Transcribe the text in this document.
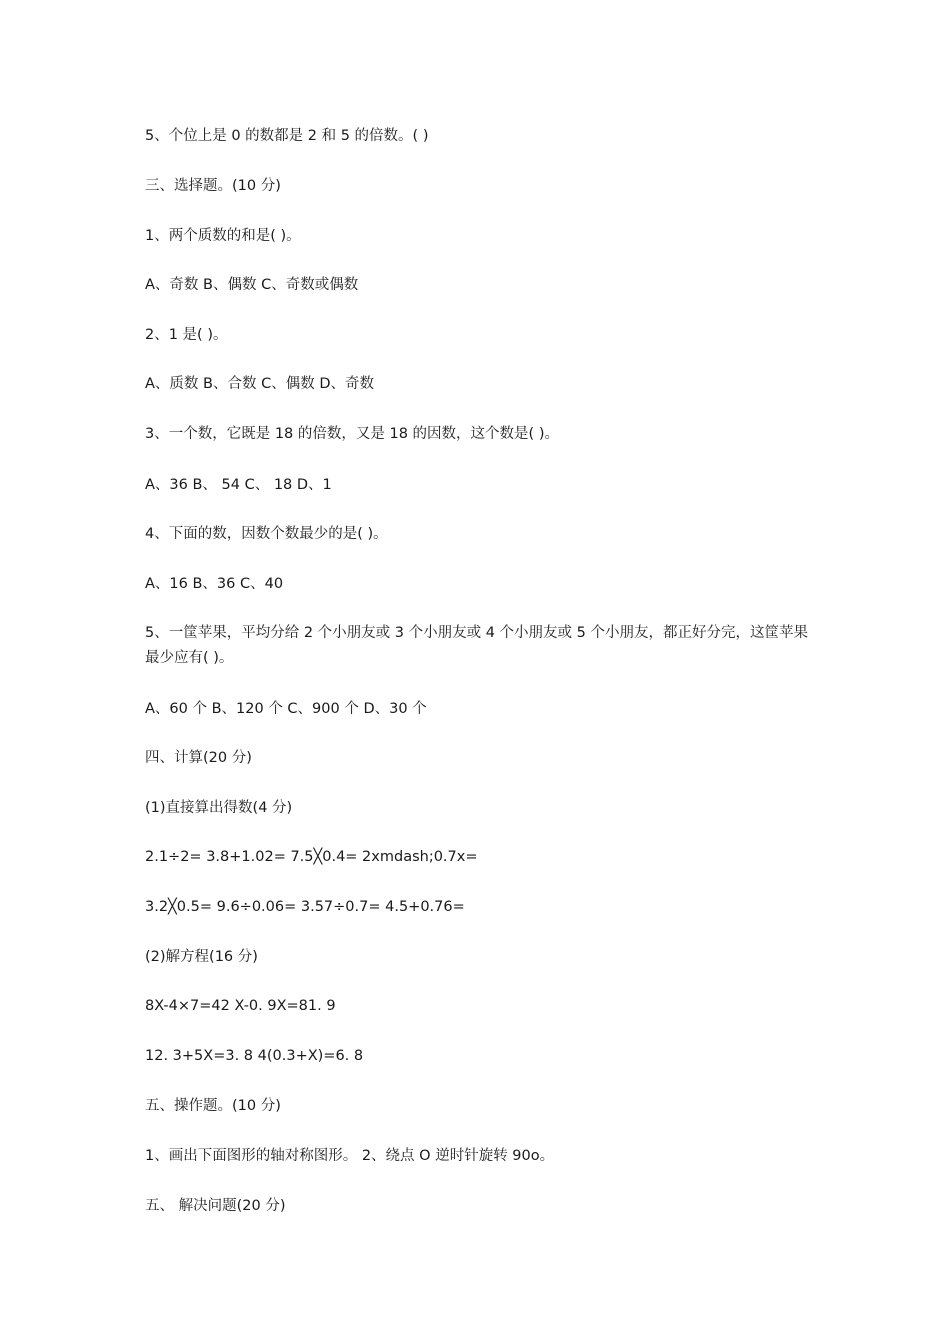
5、个位上是 0 的数都是 2 和 5 的倍数。( )

三、选择题。(10 分)

1、两个质数的和是( )。

A、奇数 B、偶数 C、奇数或偶数

2、1 是( )。

A、质数 B、合数 C、偶数 D、奇数

3、一个数，它既是 18 的倍数，又是 18 的因数，这个数是( )。

A、36 B、 54 C、 18 D、1

4、下面的数，因数个数最少的是( )。

A、16 B、36 C、40

5、一筐苹果，平均分给 2 个小朋友或 3 个小朋友或 4 个小朋友或 5 个小朋友，都正好分完，这筐苹果最少应有( )。

A、60 个 B、120 个 C、900 个 D、30 个

四、计算(20 分)

(1)直接算出得数(4 分)

2.1÷2= 3.8+1.02= 7.5╳0.4= 2xmdash;0.7x=

3.2╳0.5= 9.6÷0.06= 3.57÷0.7= 4.5+0.76=

(2)解方程(16 分)

8X-4×7=42 X-0. 9X=81. 9

12. 3+5X=3. 8 4(0.3+X)=6. 8

五、操作题。(10 分)

1、画出下面图形的轴对称图形。 2、绕点 O 逆时针旋转 90o。

五、 解决问题(20 分)
